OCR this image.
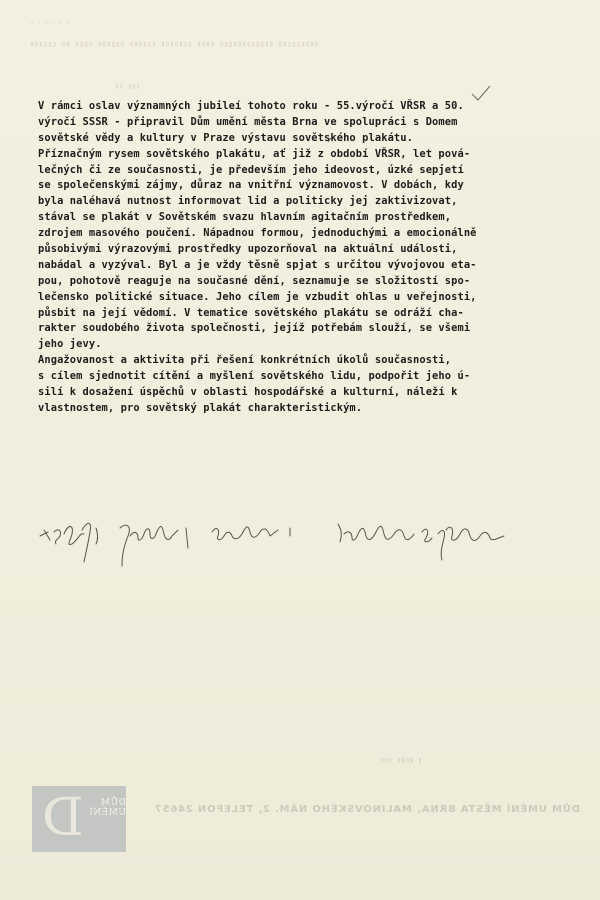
· · · · · ·
▯▯▯▯▯▯ ▯▯ ▯▯▯▯ ▯▯▯▯▯▯ ▯▯▯▯▯▯ ▯▯▯▯▯▯▯ ▯▯▯▯ ▯▯▯▯▯▯▯▯▯▯▯▯ ▯▯▯▯▯▯▯▯▯
▯▯ ▯▯▯
V rámci oslav významných jubileí tohoto roku - 55.výročí VŘSR a 50.
výročí SSSR - připravil Dům umění města Brna ve spolupráci s Domem
sovětské vědy a kultury v Praze výstavu sovětského plakátu.
Příznačným rysem sovětského plakátu, ať již z období VŘSR, let pová-
lečných či ze současnosti, je především jeho ideovost, úzké sepjetí
se společenskými zájmy, důraz na vnitřní významovost. V dobách, kdy
byla naléhavá nutnost informovat lid a politicky jej zaktivizovat,
stával se plakát v Sovětském svazu hlavním agitačním prostředkem,
zdrojem masového poučení. Nápadnou formou, jednoduchými a emocionálně
působivými výrazovými prostředky upozorňoval na aktuální události,
nabádal a vyzýval. Byl a je vždy těsně spjat s určitou vývojovou eta-
pou, pohotově reaguje na současné dění, seznamuje se složitostí spo-
lečensko politické situace. Jeho cílem je vzbudit ohlas u veřejnosti,
půsbit na její vědomí. V tematice sovětského plakátu se odráží cha-
rakter soudobého života společnosti, jejíž potřebám slouží, se všemi
jeho jevy.
Angažovanost a aktivita při řešení konkrétních úkolů současnosti,
s cílem sjednotit cítění a myšlení sovětského lidu, podpořit jeho ú-
silí k dosažení úspěchů v oblasti hospodářské a kulturní, náleží k
vlastnostem, pro sovětský plakát charakteristickým.
▯ ▯▯▯▯ ▯▯▯
D	DŮM UMĚNÍ	DŮM UMĚNÍ MĚSTA BRNA, MALINOVSKÉHO NÁM. 2, TELEFON 24657
